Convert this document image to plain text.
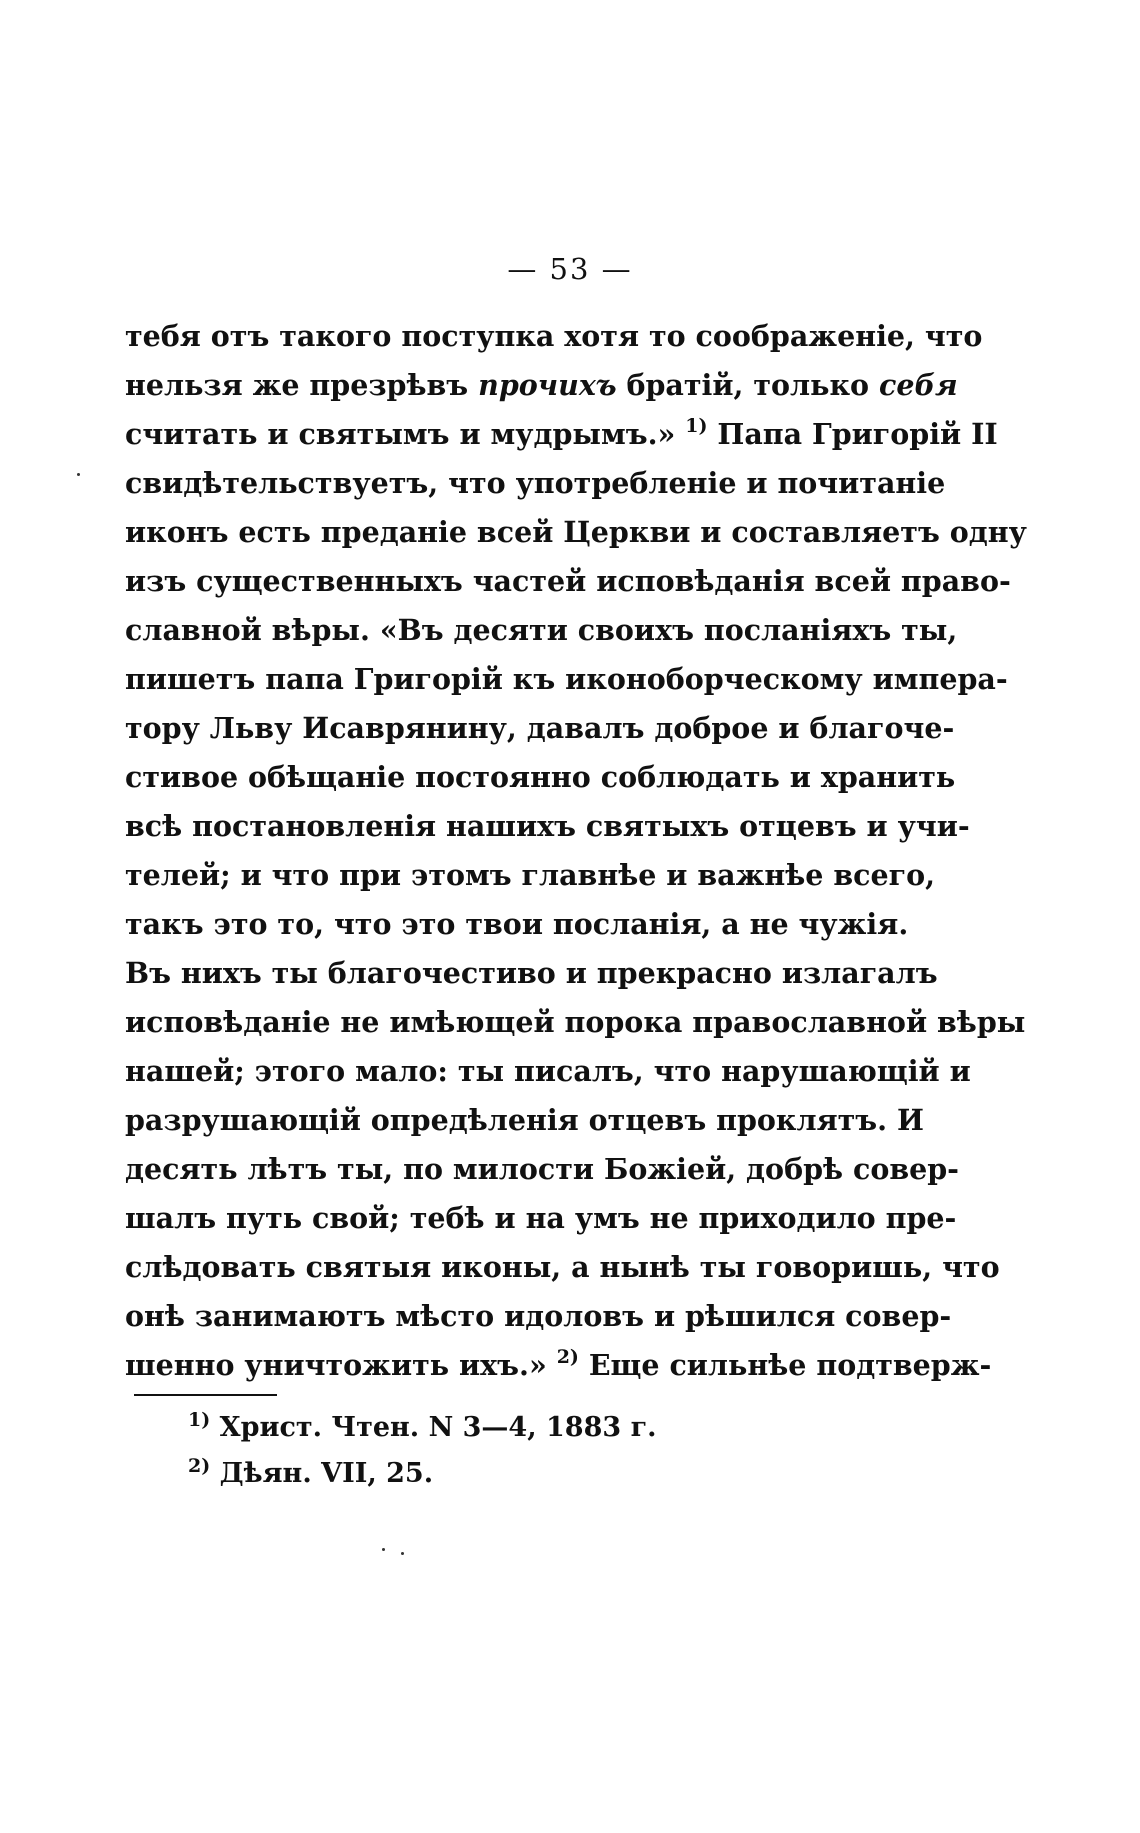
— 53 —
тебя отъ такого поступка хотя то соображеніе, что
нельзя же презрѣвъ прочихъ братій, только себя
считать и святымъ и мудрымъ.» $^{1)}$ Папа Григорій II
свидѣтельствуетъ, что употребленіе и почитаніе
иконъ есть преданіе всей Церкви и составляетъ одну
изъ существенныхъ частей исповѣданія всей право-
славной вѣры. «Въ десяти своихъ посланіяхъ ты,
пишетъ папа Григорій къ иконоборческому импера-
тору Льву Исаврянину, давалъ доброе и благоче-
стивое обѣщаніе постоянно соблюдать и хранить
всѣ постановленія нашихъ святыхъ отцевъ и учи-
телей; и что при этомъ главнѣе и важнѣе всего,
такъ это то, что это твои посланія, а не чужія.
Въ нихъ ты благочестиво и прекрасно излагалъ
исповѣданіе не имѣющей порока православной вѣры
нашей; этого мало: ты писалъ, что нарушающій и
разрушающій опредѣленія отцевъ проклятъ. И
десять лѣтъ ты, по милости Божіей, добрѣ совер-
шалъ путь свой; тебѣ и на умъ не приходило пре-
слѣдовать святыя иконы, а нынѣ ты говоришь, что
онѣ занимаютъ мѣсто идоловъ и рѣшился совер-
шенно уничтожить ихъ.» $^{2)}$ Еще сильнѣе подтверж-
$^{1)}$ Христ. Чтен. N 3—4, 1883 г.
$^{2)}$ Дѣян. VII, 25.
